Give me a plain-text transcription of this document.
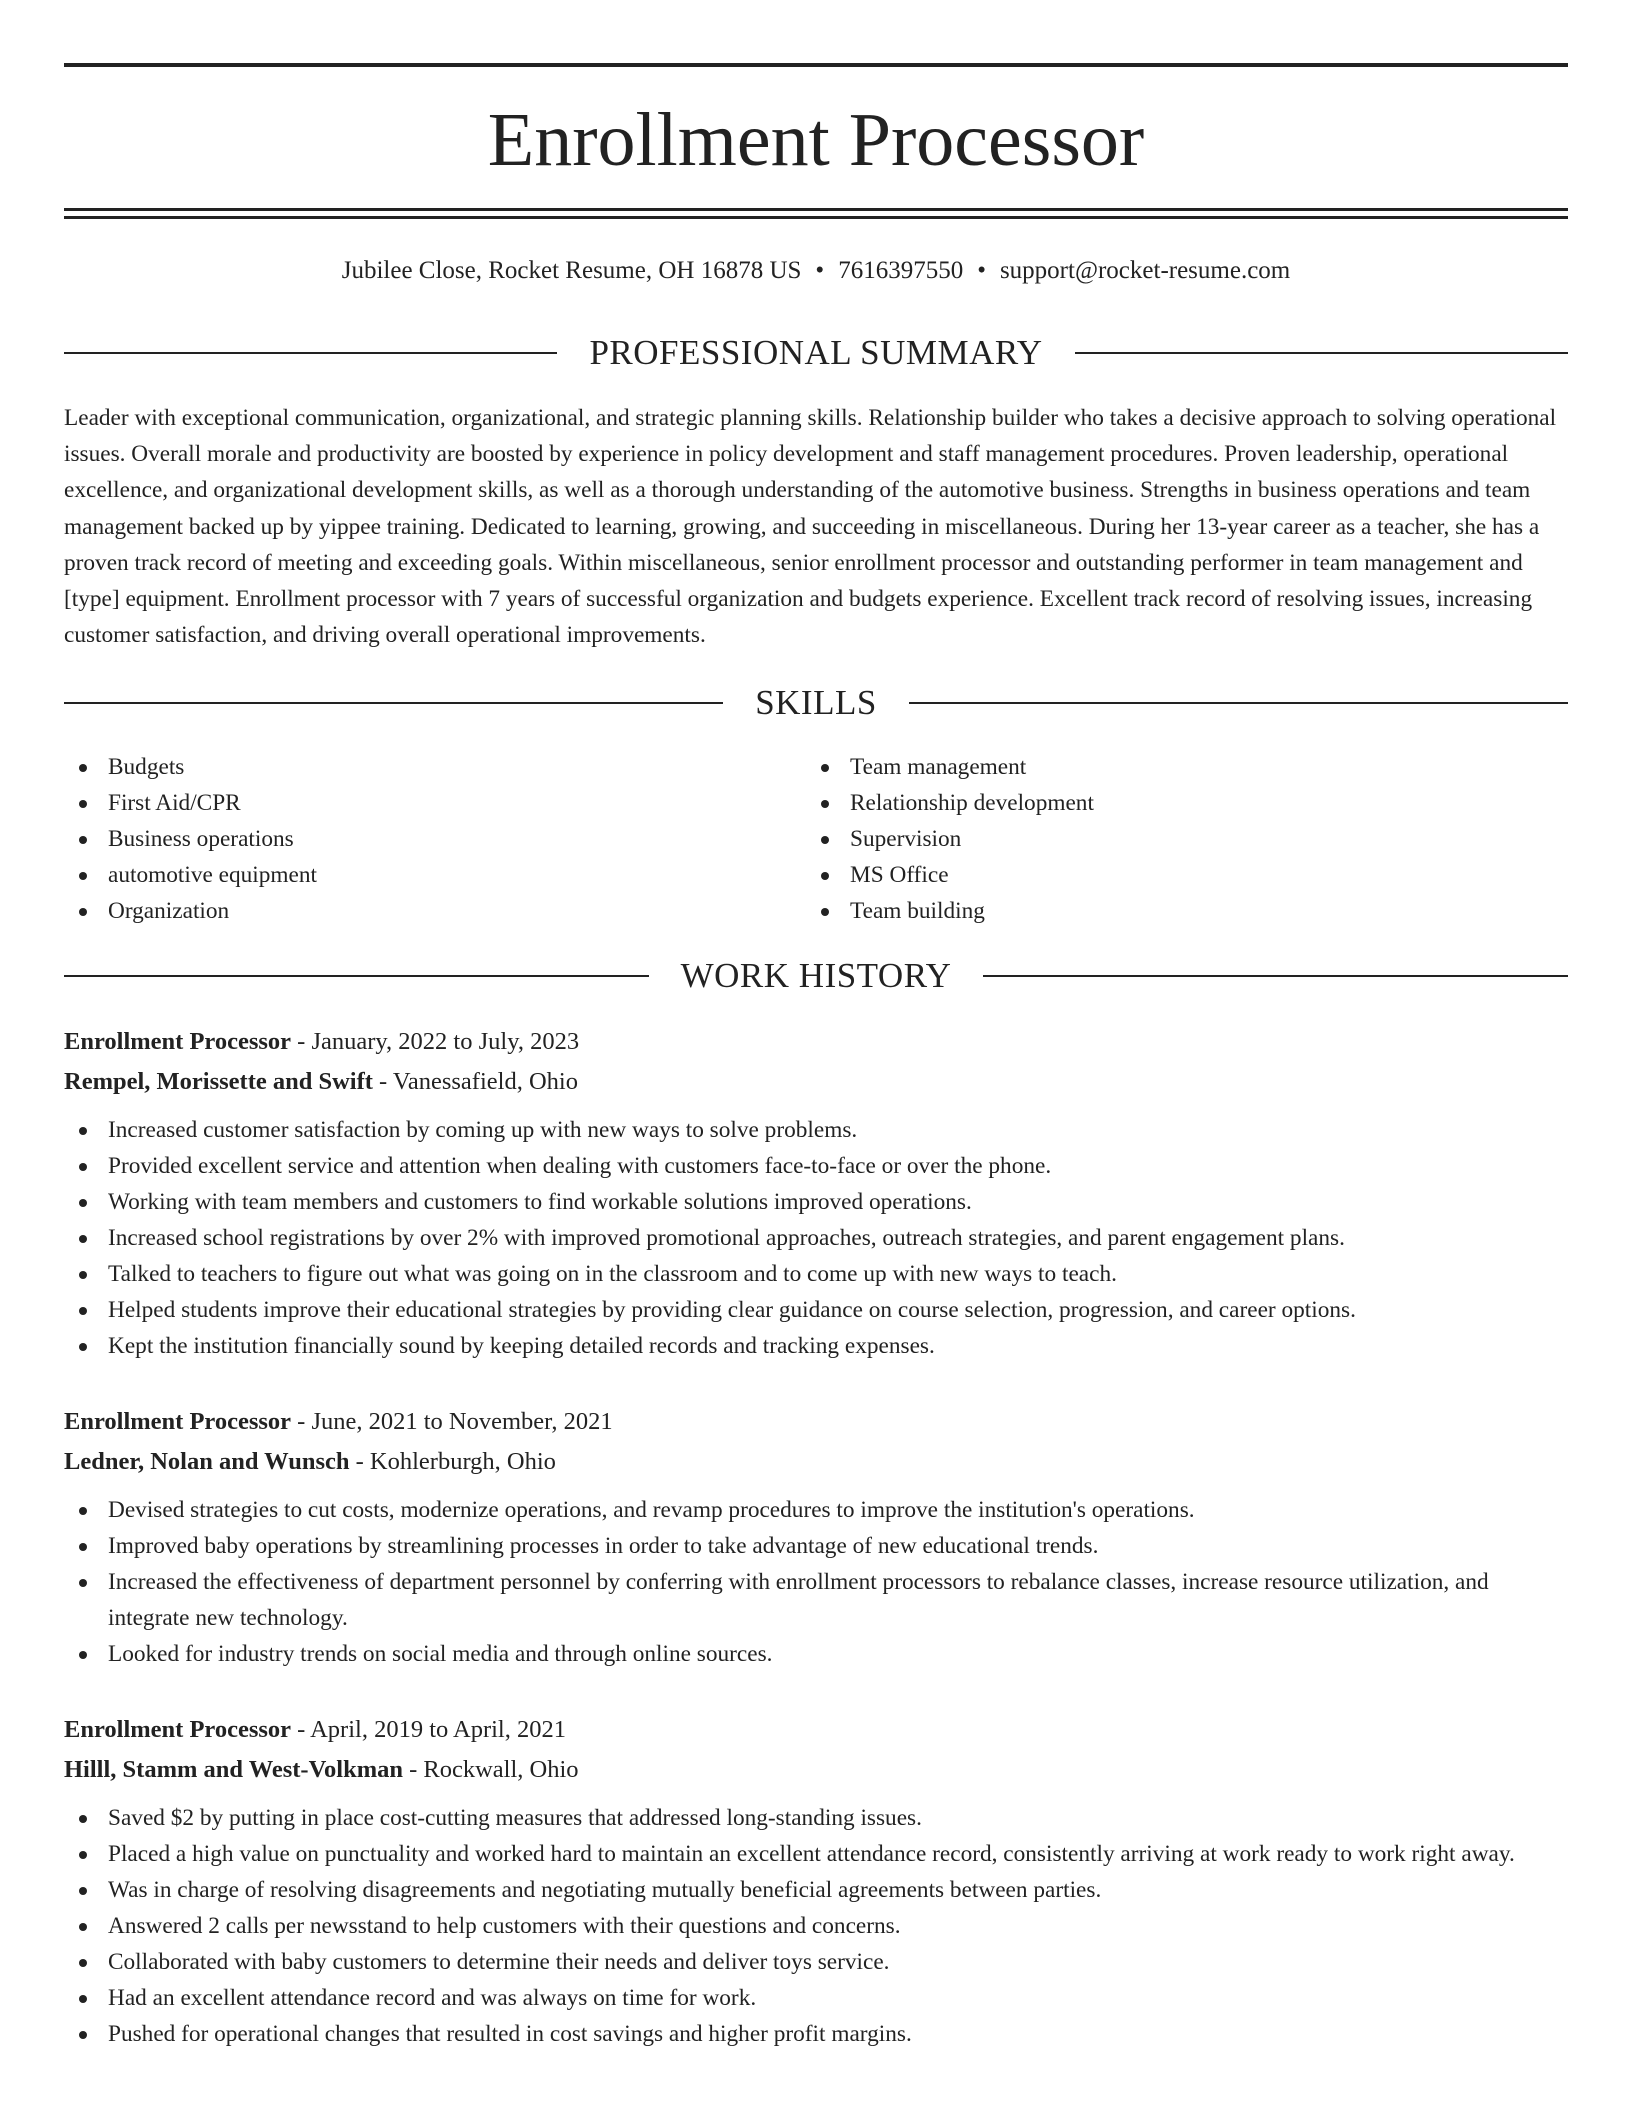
Enrollment Processor
Jubilee Close, Rocket Resume, OH 16878 US • 7616397550 • support@rocket-resume.com
PROFESSIONAL SUMMARY

Leader with exceptional communication, organizational, and strategic planning skills. Relationship builder who takes a decisive approach to solving operational issues. Overall morale and productivity are boosted by experience in policy development and staff management procedures. Proven leadership, operational excellence, and organizational development skills, as well as a thorough understanding of the automotive business. Strengths in business operations and team management backed up by yippee training. Dedicated to learning, growing, and succeeding in miscellaneous. During her 13-year career as a teacher, she has a proven track record of meeting and exceeding goals. Within miscellaneous, senior enrollment processor and outstanding performer in team management and [type] equipment. Enrollment processor with 7 years of successful organization and budgets experience. Excellent track record of resolving issues, increasing customer satisfaction, and driving overall operational improvements.

SKILLS
Budgets
First Aid/CPR
Business operations
automotive equipment
Organization
Team management
Relationship development
Supervision
MS Office
Team building
WORK HISTORY
Enrollment Processor - January, 2022 to July, 2023
Rempel, Morissette and Swift - Vanessafield, Ohio
Increased customer satisfaction by coming up with new ways to solve problems.
Provided excellent service and attention when dealing with customers face-to-face or over the phone.
Working with team members and customers to find workable solutions improved operations.
Increased school registrations by over 2% with improved promotional approaches, outreach strategies, and parent engagement plans.
Talked to teachers to figure out what was going on in the classroom and to come up with new ways to teach.
Helped students improve their educational strategies by providing clear guidance on course selection, progression, and career options.
Kept the institution financially sound by keeping detailed records and tracking expenses.
Enrollment Processor - June, 2021 to November, 2021
Ledner, Nolan and Wunsch - Kohlerburgh, Ohio
Devised strategies to cut costs, modernize operations, and revamp procedures to improve the institution's operations.
Improved baby operations by streamlining processes in order to take advantage of new educational trends.
Increased the effectiveness of department personnel by conferring with enrollment processors to rebalance classes, increase resource utilization, and integrate new technology.
Looked for industry trends on social media and through online sources.
Enrollment Processor - April, 2019 to April, 2021
Hilll, Stamm and West-Volkman - Rockwall, Ohio
Saved $2 by putting in place cost-cutting measures that addressed long-standing issues.
Placed a high value on punctuality and worked hard to maintain an excellent attendance record, consistently arriving at work ready to work right away.
Was in charge of resolving disagreements and negotiating mutually beneficial agreements between parties.
Answered 2 calls per newsstand to help customers with their questions and concerns.
Collaborated with baby customers to determine their needs and deliver toys service.
Had an excellent attendance record and was always on time for work.
Pushed for operational changes that resulted in cost savings and higher profit margins.
